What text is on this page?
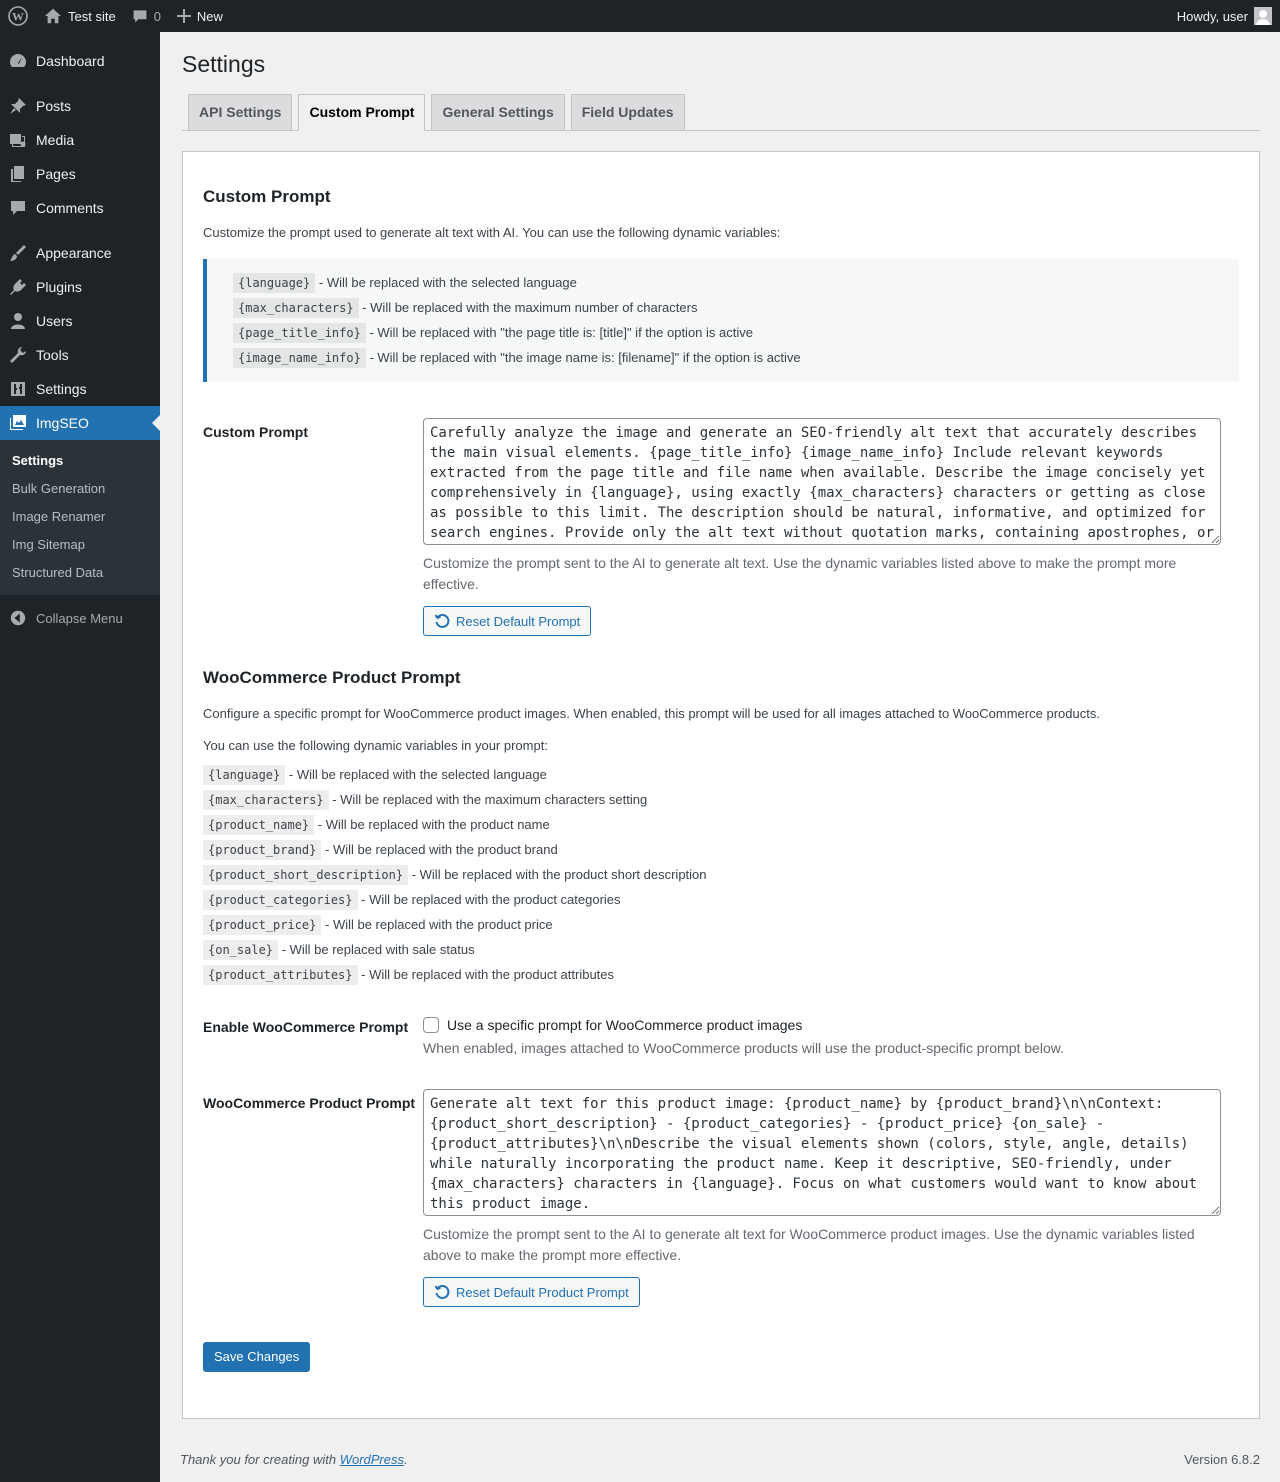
W	Test site	0	New	Howdy, user
Dashboard
Posts
Media
Pages
Comments
Appearance
Plugins
Users
Tools
Settings
ImgSEO
Settings
Bulk Generation
Image Renamer
Img Sitemap
Structured Data
Collapse Menu
Settings
API Settings	Custom Prompt	General Settings	Field Updates
Custom Prompt

Customize the prompt used to generate alt text with AI. You can use the following dynamic variables:

{language} - Will be replaced with the selected language
{max_characters} - Will be replaced with the maximum number of characters
{page_title_info} - Will be replaced with "the page title is: [title]" if the option is active
{image_name_info} - Will be replaced with "the image name is: [filename]" if the option is active
Custom Prompt
Carefully analyze the image and generate an SEO-friendly alt text that accurately describes the main visual elements. {page_title_info} {image_name_info} Include relevant keywords extracted from the page title and file name when available. Describe the image concisely yet comprehensively in {language}, using exactly {max_characters} characters or getting as close as possible to this limit. The description should be natural, informative, and optimized for search engines. Provide only the alt text without quotation marks, containing apostrophes, or
Customize the prompt sent to the AI to generate alt text. Use the dynamic variables listed above to make the prompt more effective.
Reset Default Prompt
WooCommerce Product Prompt

Configure a specific prompt for WooCommerce product images. When enabled, this prompt will be used for all images attached to WooCommerce products.

You can use the following dynamic variables in your prompt:

{language} - Will be replaced with the selected language
{max_characters} - Will be replaced with the maximum characters setting
{product_name} - Will be replaced with the product name
{product_brand} - Will be replaced with the product brand
{product_short_description} - Will be replaced with the product short description
{product_categories} - Will be replaced with the product categories
{product_price} - Will be replaced with the product price
{on_sale} - Will be replaced with sale status
{product_attributes} - Will be replaced with the product attributes
Enable WooCommerce Prompt	Use a specific prompt for WooCommerce product images
When enabled, images attached to WooCommerce products will use the product-specific prompt below.
WooCommerce Product Prompt
Generate alt text for this product image: {product_name} by {product_brand}\n\nContext: {product_short_description} - {product_categories} - {product_price} {on_sale} - {product_attributes}\n\nDescribe the visual elements shown (colors, style, angle, details) while naturally incorporating the product name. Keep it descriptive, SEO-friendly, under {max_characters} characters in {language}. Focus on what customers would want to know about this product image.
Customize the prompt sent to the AI to generate alt text for WooCommerce product images. Use the dynamic variables listed above to make the prompt more effective.
Reset Default Product Prompt
Save Changes
Thank you for creating with WordPress.	Version 6.8.2
